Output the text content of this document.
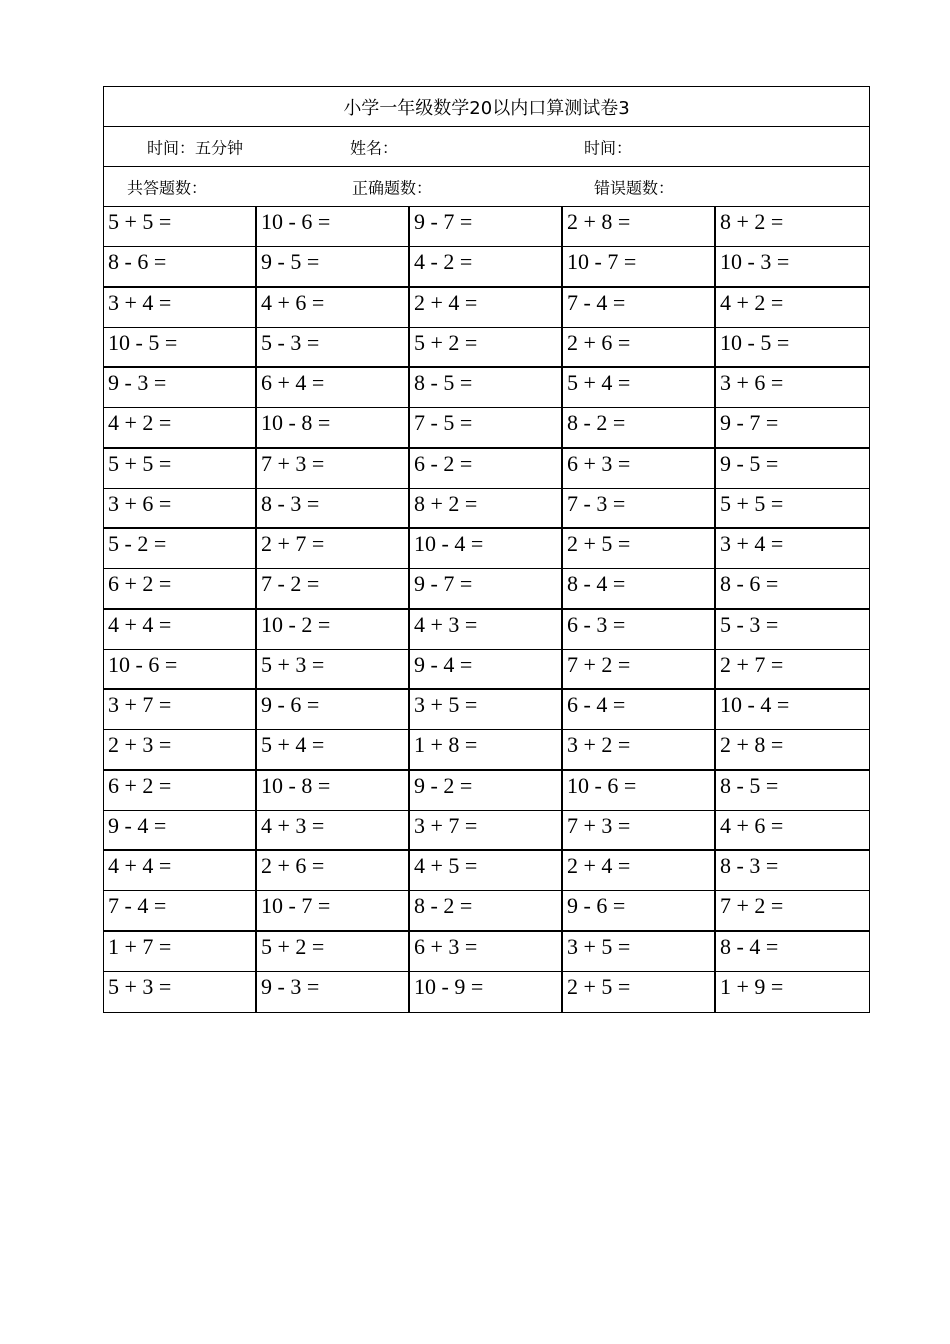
小学一年级数学20以内口算测试卷3
时间：五分钟	姓名：	时间：
共答题数：	正确题数：	错误题数：
5 + 5 =	10 - 6 =	9 - 7 =	2 + 8 =	8 + 2 =
8 - 6 =	9 - 5 =	4 - 2 =	10 - 7 =	10 - 3 =
3 + 4 =	4 + 6 =	2 + 4 =	7 - 4 =	4 + 2 =
10 - 5 =	5 - 3 =	5 + 2 =	2 + 6 =	10 - 5 =
9 - 3 =	6 + 4 =	8 - 5 =	5 + 4 =	3 + 6 =
4 + 2 =	10 - 8 =	7 - 5 =	8 - 2 =	9 - 7 =
5 + 5 =	7 + 3 =	6 - 2 =	6 + 3 =	9 - 5 =
3 + 6 =	8 - 3 =	8 + 2 =	7 - 3 =	5 + 5 =
5 - 2 =	2 + 7 =	10 - 4 =	2 + 5 =	3 + 4 =
6 + 2 =	7 - 2 =	9 - 7 =	8 - 4 =	8 - 6 =
4 + 4 =	10 - 2 =	4 + 3 =	6 - 3 =	5 - 3 =
10 - 6 =	5 + 3 =	9 - 4 =	7 + 2 =	2 + 7 =
3 + 7 =	9 - 6 =	3 + 5 =	6 - 4 =	10 - 4 =
2 + 3 =	5 + 4 =	1 + 8 =	3 + 2 =	2 + 8 =
6 + 2 =	10 - 8 =	9 - 2 =	10 - 6 =	8 - 5 =
9 - 4 =	4 + 3 =	3 + 7 =	7 + 3 =	4 + 6 =
4 + 4 =	2 + 6 =	4 + 5 =	2 + 4 =	8 - 3 =
7 - 4 =	10 - 7 =	8 - 2 =	9 - 6 =	7 + 2 =
1 + 7 =	5 + 2 =	6 + 3 =	3 + 5 =	8 - 4 =
5 + 3 =	9 - 3 =	10 - 9 =	2 + 5 =	1 + 9 =
